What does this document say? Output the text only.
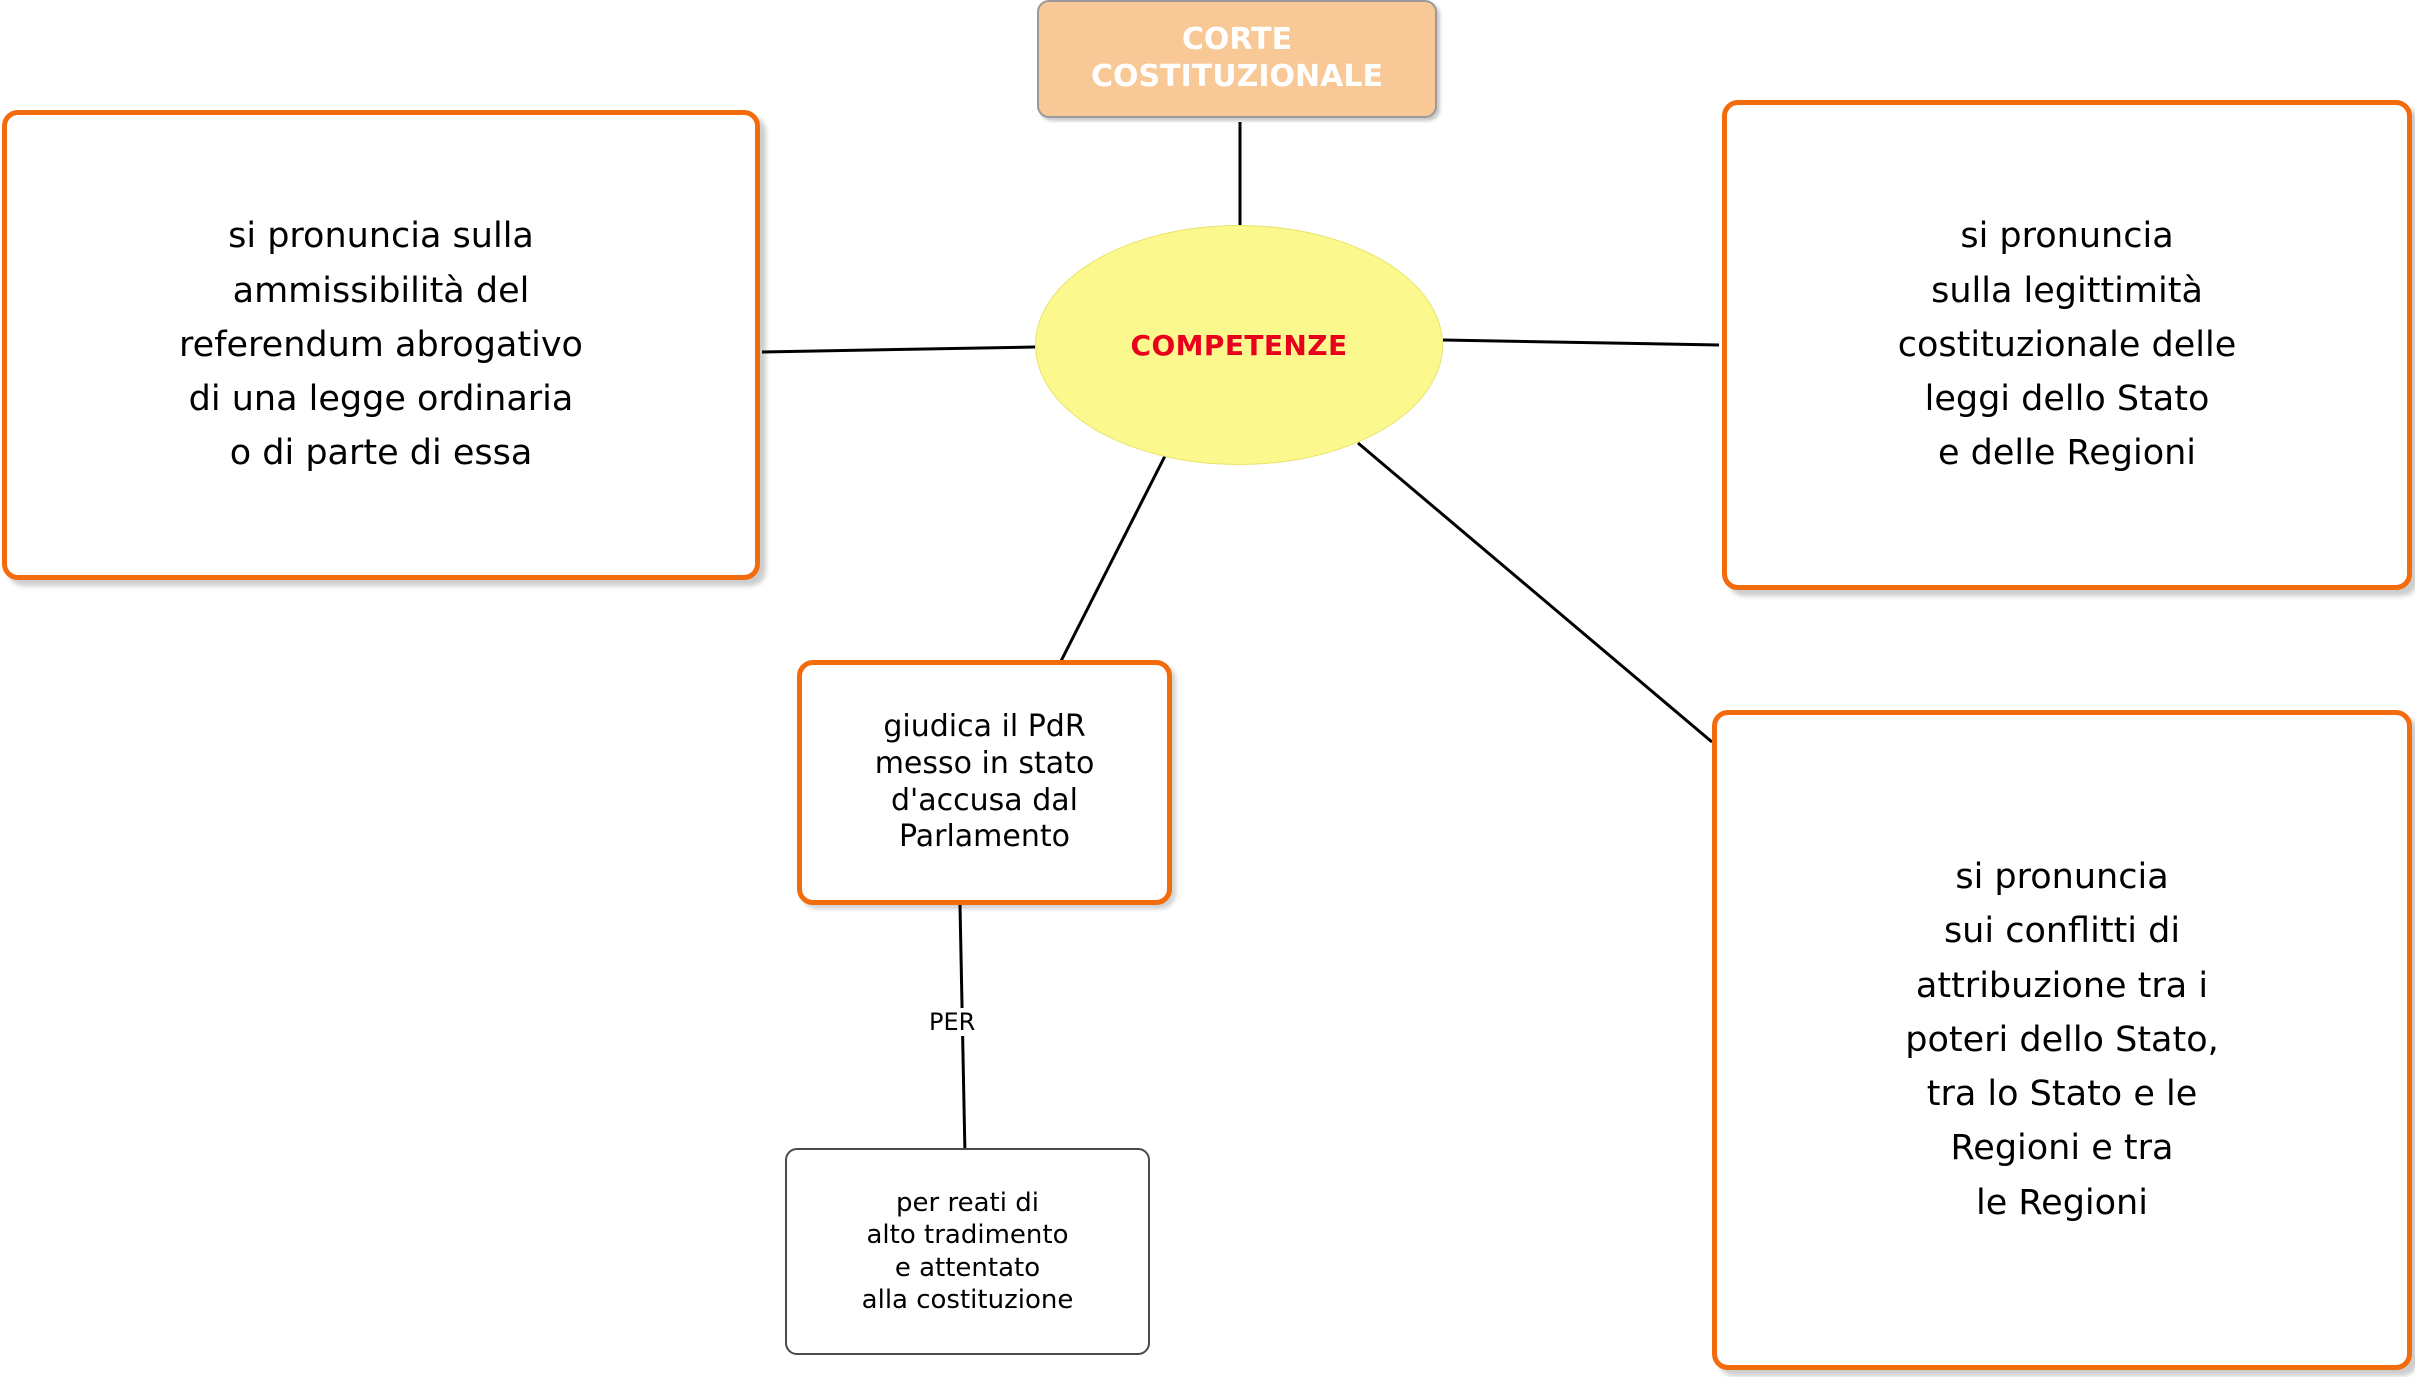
CORTE
COSTITUZIONALE
COMPETENZE
si pronuncia sulla
ammissibilità del
referendum abrogativo
di una legge ordinaria
o di parte di essa
si pronuncia
sulla legittimità
costituzionale delle
leggi dello Stato
e delle Regioni
si pronuncia
sui conflitti di
attribuzione tra i
poteri dello Stato,
tra lo Stato e le
Regioni e tra
le Regioni
giudica il PdR
messo in stato
d'accusa dal
Parlamento
PER
per reati di
alto tradimento
e attentato
alla costituzione
